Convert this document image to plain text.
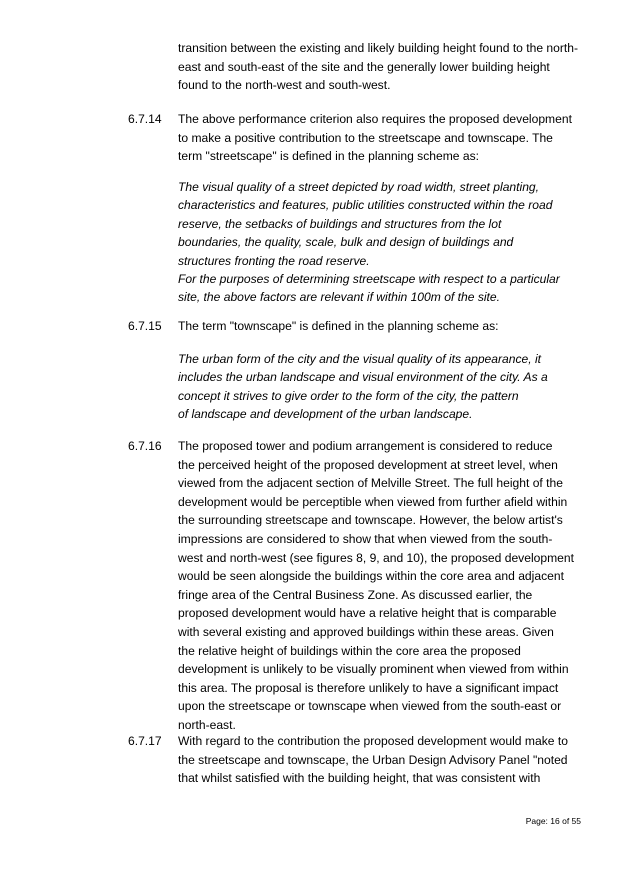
transition between the existing and likely building height found to the north-
east and south-east of the site and the generally lower building height
found to the north-west and south-west.
6.7.14 The above performance criterion also requires the proposed development
to make a positive contribution to the streetscape and townscape. The
term "streetscape" is defined in the planning scheme as:
The visual quality of a street depicted by road width, street planting,
characteristics and features, public utilities constructed within the road
reserve, the setbacks of buildings and structures from the lot
boundaries, the quality, scale, bulk and design of buildings and
structures fronting the road reserve.
For the purposes of determining streetscape with respect to a particular
site, the above factors are relevant if within 100m of the site.
6.7.15 The term "townscape" is defined in the planning scheme as:
The urban form of the city and the visual quality of its appearance, it
includes the urban landscape and visual environment of the city. As a
concept it strives to give order to the form of the city, the pattern
of landscape and development of the urban landscape.
6.7.16 The proposed tower and podium arrangement is considered to reduce
the perceived height of the proposed development at street level, when
viewed from the adjacent section of Melville Street. The full height of the
development would be perceptible when viewed from further afield within
the surrounding streetscape and townscape. However, the below artist's
impressions are considered to show that when viewed from the south-
west and north-west (see figures 8, 9, and 10), the proposed development
would be seen alongside the buildings within the core area and adjacent
fringe area of the Central Business Zone. As discussed earlier, the
proposed development would have a relative height that is comparable
with several existing and approved buildings within these areas. Given
the relative height of buildings within the core area the proposed
development is unlikely to be visually prominent when viewed from within
this area. The proposal is therefore unlikely to have a significant impact
upon the streetscape or townscape when viewed from the south-east or
north-east.
6.7.17 With regard to the contribution the proposed development would make to
the streetscape and townscape, the Urban Design Advisory Panel "noted
that whilst satisfied with the building height, that was consistent with
Page: 16 of 55
